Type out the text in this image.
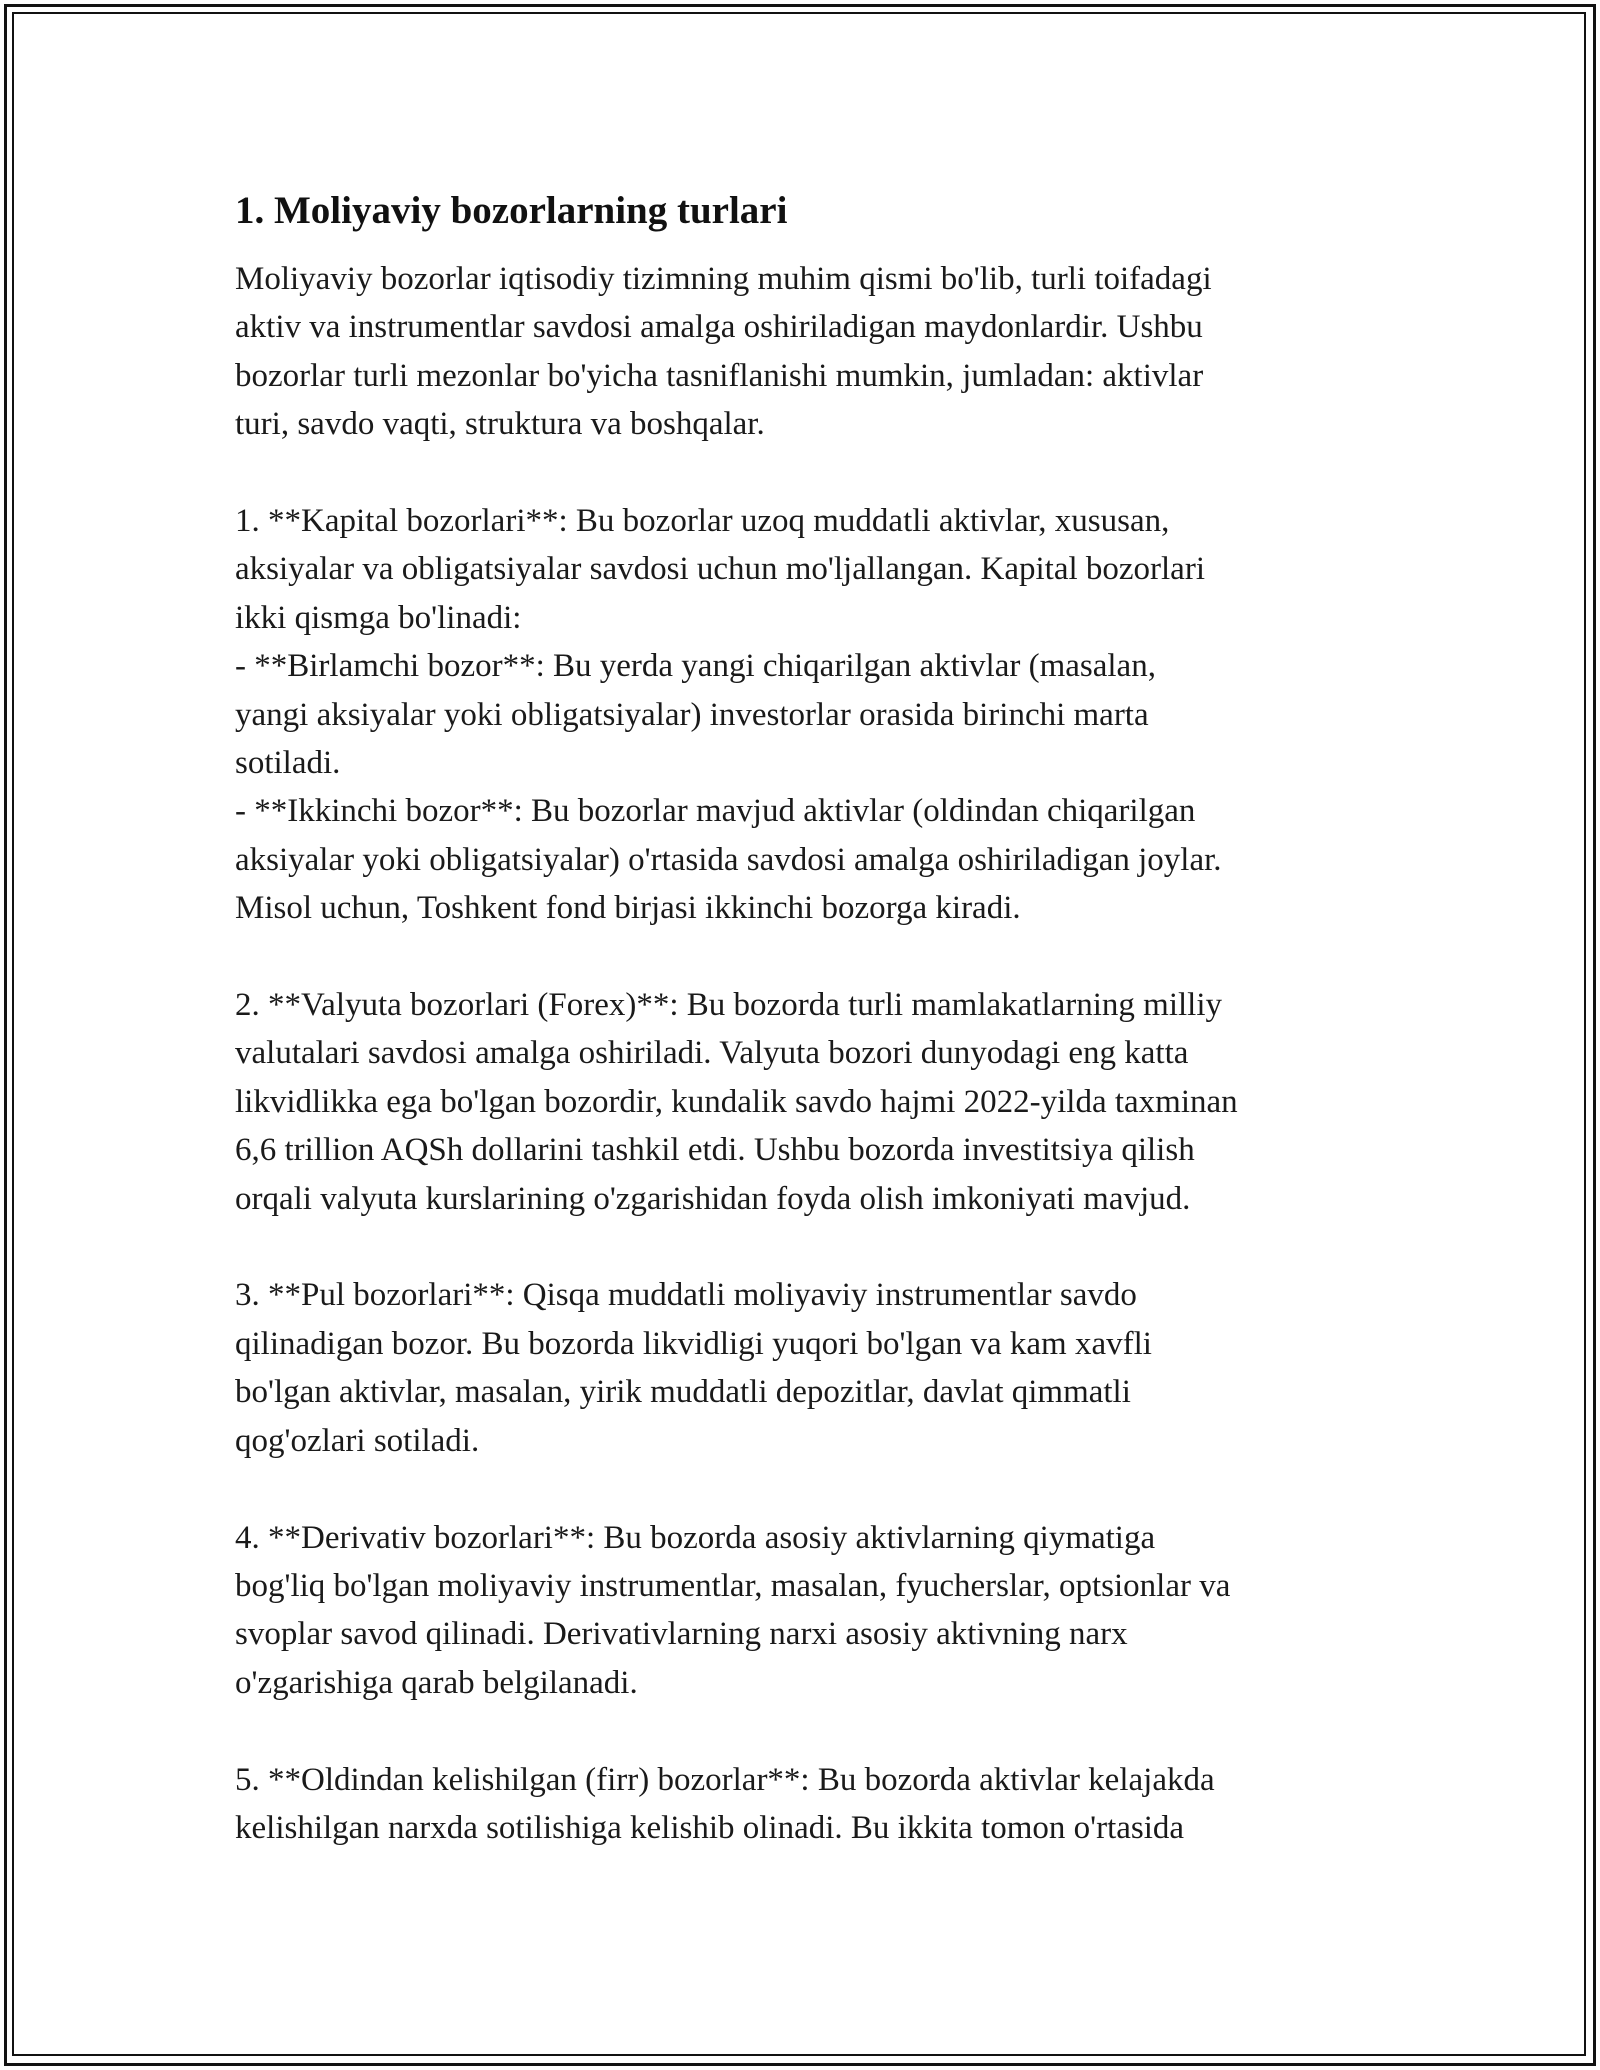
1. Moliyaviy bozorlarning turlari

Moliyaviy bozorlar iqtisodiy tizimning muhim qismi bo'lib, turli toifadagi
aktiv va instrumentlar savdosi amalga oshiriladigan maydonlardir. Ushbu
bozorlar turli mezonlar bo'yicha tasniflanishi mumkin, jumladan: aktivlar
turi, savdo vaqti, struktura va boshqalar.

1. **Kapital bozorlari**: Bu bozorlar uzoq muddatli aktivlar, xususan,
aksiyalar va obligatsiyalar savdosi uchun mo'ljallangan. Kapital bozorlari
ikki qismga bo'linadi:
- **Birlamchi bozor**: Bu yerda yangi chiqarilgan aktivlar (masalan,
yangi aksiyalar yoki obligatsiyalar) investorlar orasida birinchi marta
sotiladi.
- **Ikkinchi bozor**: Bu bozorlar mavjud aktivlar (oldindan chiqarilgan
aksiyalar yoki obligatsiyalar) o'rtasida savdosi amalga oshiriladigan joylar.
Misol uchun, Toshkent fond birjasi ikkinchi bozorga kiradi.

2. **Valyuta bozorlari (Forex)**: Bu bozorda turli mamlakatlarning milliy
valutalari savdosi amalga oshiriladi. Valyuta bozori dunyodagi eng katta
likvidlikka ega bo'lgan bozordir, kundalik savdo hajmi 2022-yilda taxminan
6,6 trillion AQSh dollarini tashkil etdi. Ushbu bozorda investitsiya qilish
orqali valyuta kurslarining o'zgarishidan foyda olish imkoniyati mavjud.

3. **Pul bozorlari**: Qisqa muddatli moliyaviy instrumentlar savdo
qilinadigan bozor. Bu bozorda likvidligi yuqori bo'lgan va kam xavfli
bo'lgan aktivlar, masalan, yirik muddatli depozitlar, davlat qimmatli
qog'ozlari sotiladi.

4. **Derivativ bozorlari**: Bu bozorda asosiy aktivlarning qiymatiga
bog'liq bo'lgan moliyaviy instrumentlar, masalan, fyucherslar, optsionlar va
svoplar savod qilinadi. Derivativlarning narxi asosiy aktivning narx
o'zgarishiga qarab belgilanadi.

5. **Oldindan kelishilgan (firr) bozorlar**: Bu bozorda aktivlar kelajakda
kelishilgan narxda sotilishiga kelishib olinadi. Bu ikkita tomon o'rtasida
